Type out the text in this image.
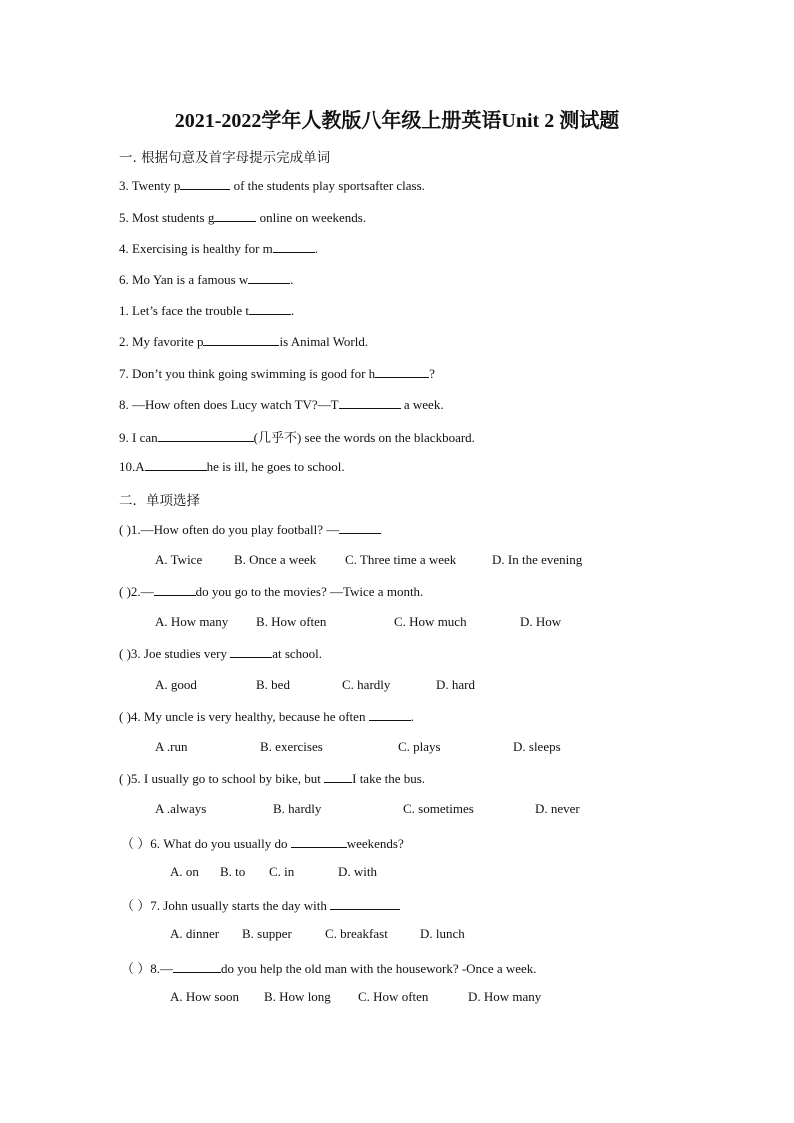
2021-2022学年人教版八年级上册英语Unit 2 测试题
一. 根据句意及首字母提示完成单词
3. Twenty p	of the students play sportsafter class.
5. Most students g	online on weekends.
4. Exercising is healthy for m	.
6. Mo Yan is a famous w	.
1. Let’s face the trouble t	.
2. My favorite p	is Animal World.
7. Don’t you think going swimming is good for h	?
8. —How often does Lucy watch TV?—T	a week.
9. I can	(几乎不) see the words on the blackboard.
10.A	he is ill, he goes to school.
二．单项选择
( )1.—How often do you play football? —
A. Twice B. Once a week C. Three time a week	D. In the evening
( )2.—	do you go to the movies? —Twice a month.
A. How many B. How often	C. How much	D. How
( )3. Joe studies very	at school.
A. good	B. bed	C. hardly	D. hard
( )4. My uncle is very healthy, because he often	.
A .run	B. exercises	C. plays	D. sleeps
( )5. I usually go to school by bike, but I take the bus.
A .always	B. hardly	C. sometimes	D. never
（ ）6. What do you usually do	weekends?
A. on B. to C. in	D. with
（ ）7. John usually starts the day with
A. dinner B. supper	C. breakfast D. lunch
（ ）8.—	do you help the old man with the housework? -Once a week.
A. How soon B. How long C. How often	D. How many
